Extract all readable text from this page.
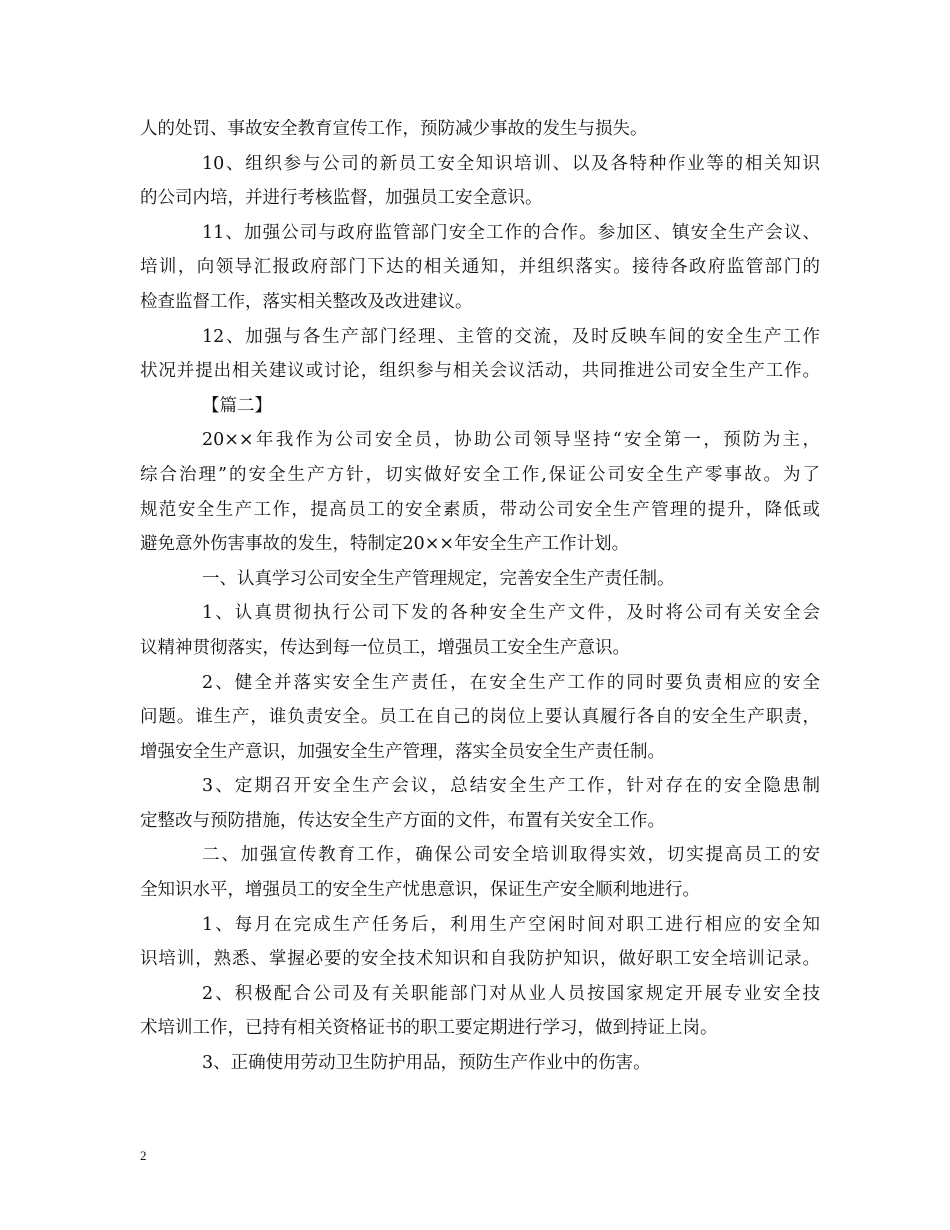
人的处罚、事故安全教育宣传工作，预防减少事故的发生与损失。
10、组织参与公司的新员工安全知识培训、以及各特种作业等的相关知识
的公司内培，并进行考核监督，加强员工安全意识。
11、加强公司与政府监管部门安全工作的合作。参加区、镇安全生产会议、
培训，向领导汇报政府部门下达的相关通知，并组织落实。接待各政府监管部门的
检查监督工作，落实相关整改及改进建议。
12、加强与各生产部门经理、主管的交流，及时反映车间的安全生产工作
状况并提出相关建议或讨论，组织参与相关会议活动，共同推进公司安全生产工作。
【篇二】
20××年我作为公司安全员，协助公司领导坚持“安全第一，预防为主，
综合治理”的安全生产方针，切实做好安全工作,保证公司安全生产零事故。为了
规范安全生产工作，提高员工的安全素质，带动公司安全生产管理的提升，降低或
避免意外伤害事故的发生，特制定20××年安全生产工作计划。
一、认真学习公司安全生产管理规定，完善安全生产责任制。
1、认真贯彻执行公司下发的各种安全生产文件，及时将公司有关安全会
议精神贯彻落实，传达到每一位员工，增强员工安全生产意识。
2、健全并落实安全生产责任，在安全生产工作的同时要负责相应的安全
问题。谁生产，谁负责安全。员工在自己的岗位上要认真履行各自的安全生产职责，
增强安全生产意识，加强安全生产管理，落实全员安全生产责任制。
3、定期召开安全生产会议，总结安全生产工作，针对存在的安全隐患制
定整改与预防措施，传达安全生产方面的文件，布置有关安全工作。
二、加强宣传教育工作，确保公司安全培训取得实效，切实提高员工的安
全知识水平，增强员工的安全生产忧患意识，保证生产安全顺利地进行。
1、每月在完成生产任务后，利用生产空闲时间对职工进行相应的安全知
识培训，熟悉、掌握必要的安全技术知识和自我防护知识，做好职工安全培训记录。
2、积极配合公司及有关职能部门对从业人员按国家规定开展专业安全技
术培训工作，已持有相关资格证书的职工要定期进行学习，做到持证上岗。
3、正确使用劳动卫生防护用品，预防生产作业中的伤害。
2
